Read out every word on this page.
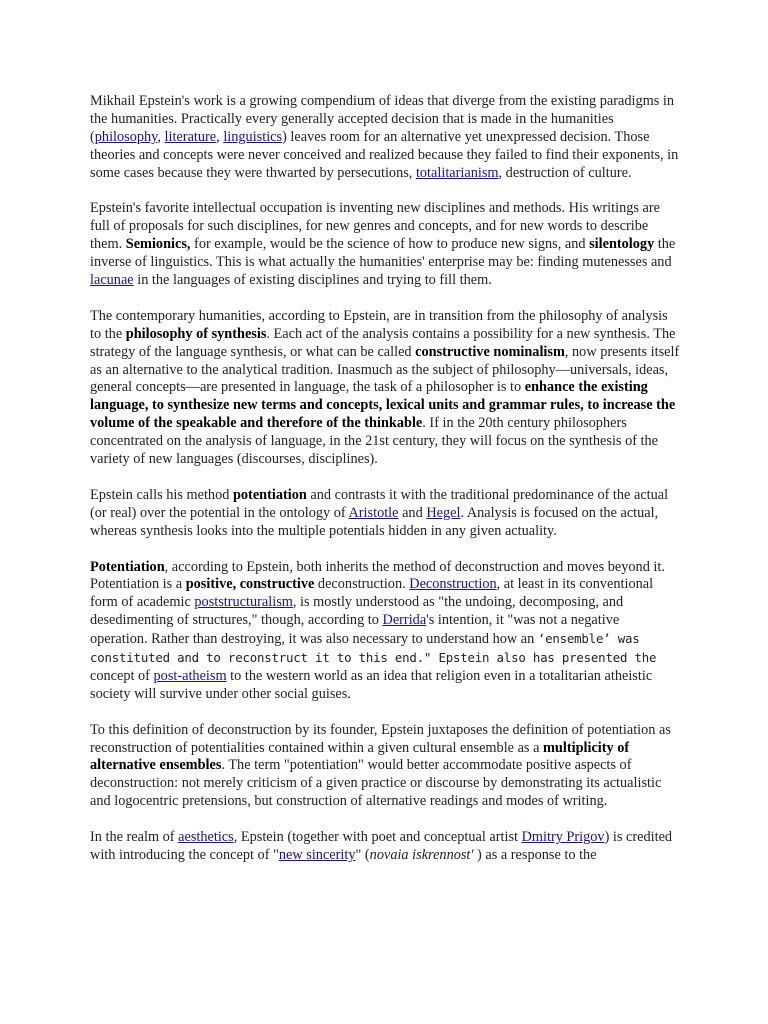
Mikhail Epstein's work is a growing compendium of ideas that diverge from the existing paradigms in the humanities. Practically every generally accepted decision that is made in the humanities (philosophy, literature, linguistics) leaves room for an alternative yet unexpressed decision. Those theories and concepts were never conceived and realized because they failed to find their exponents, in some cases because they were thwarted by persecutions, totalitarianism, destruction of culture.

Epstein's favorite intellectual occupation is inventing new disciplines and methods. His writings are full of proposals for such disciplines, for new genres and concepts, and for new words to describe them. Semionics, for example, would be the science of how to produce new signs, and silentology the inverse of linguistics. This is what actually the humanities' enterprise may be: finding mutenesses and lacunae in the languages of existing disciplines and trying to fill them.

The contemporary humanities, according to Epstein, are in transition from the philosophy of analysis to the philosophy of synthesis. Each act of the analysis contains a possibility for a new synthesis. The strategy of the language synthesis, or what can be called constructive nominalism, now presents itself as an alternative to the analytical tradition. Inasmuch as the subject of philosophy—universals, ideas, general concepts—are presented in language, the task of a philosopher is to enhance the existing language, to synthesize new terms and concepts, lexical units and grammar rules, to increase the volume of the speakable and therefore of the thinkable. If in the 20th century philosophers concentrated on the analysis of language, in the 21st century, they will focus on the synthesis of the variety of new languages (discourses, disciplines).

Epstein calls his method potentiation and contrasts it with the traditional predominance of the actual (or real) over the potential in the ontology of Aristotle and Hegel. Analysis is focused on the actual, whereas synthesis looks into the multiple potentials hidden in any given actuality.

Potentiation, according to Epstein, both inherits the method of deconstruction and moves beyond it. Potentiation is a positive, constructive deconstruction. Deconstruction, at least in its conventional form of academic poststructuralism, is mostly understood as "the undoing, decomposing, and desedimenting of structures," though, according to Derrida's intention, it "was not a negative operation. Rather than destroying, it was also necessary to understand how an ‘ensemble’ was constituted and to reconstruct it to this end." Epstein also has presented the concept of post-atheism to the western world as an idea that religion even in a totalitarian atheistic society will survive under other social guises.

To this definition of deconstruction by its founder, Epstein juxtaposes the definition of potentiation as reconstruction of potentialities contained within a given cultural ensemble as a multiplicity of alternative ensembles. The term "potentiation" would better accommodate positive aspects of deconstruction: not merely criticism of a given practice or discourse by demonstrating its actualistic and logocentric pretensions, but construction of alternative readings and modes of writing.

In the realm of aesthetics, Epstein (together with poet and conceptual artist Dmitry Prigov) is credited with introducing the concept of "new sincerity" (novaia iskrennost' ) as a response to the
